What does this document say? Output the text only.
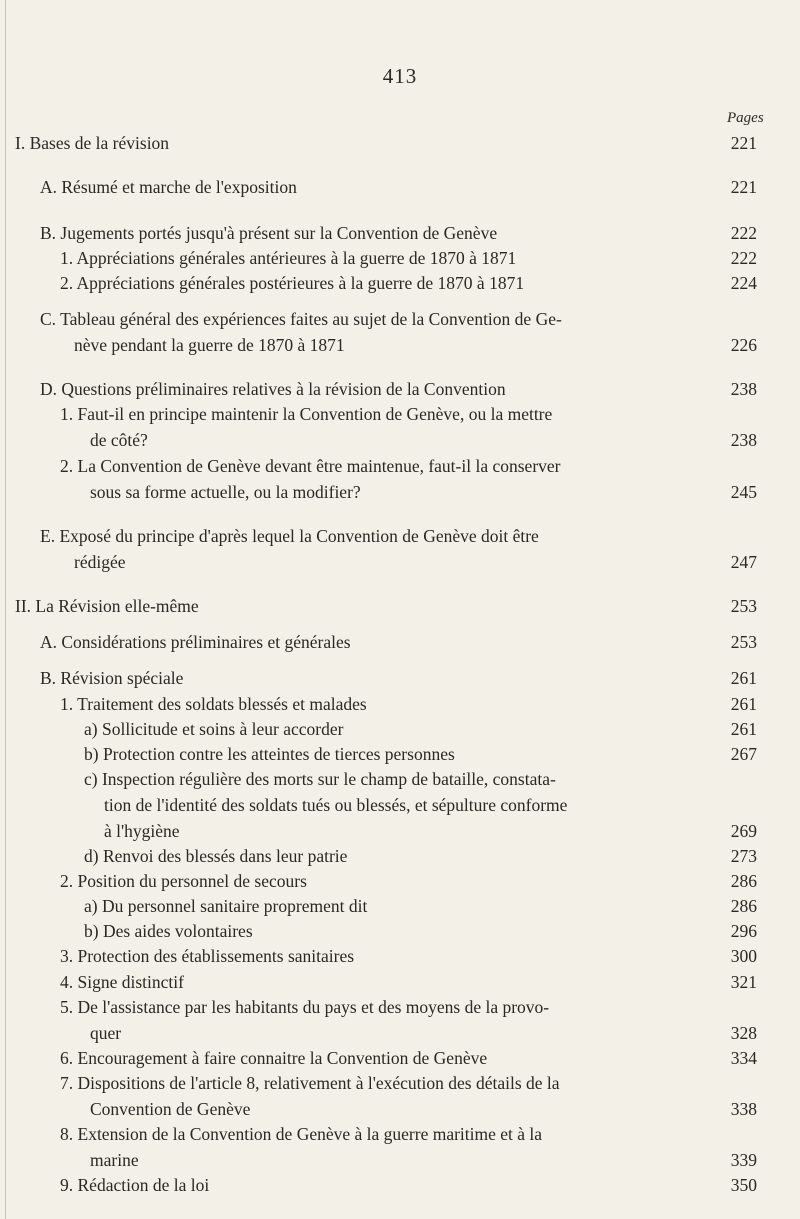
413
Pages
I. Bases de la révision	221
A. Résumé et marche de l'exposition	221
B. Jugements portés jusqu'à présent sur la Convention de Genève	222
1. Appréciations générales antérieures à la guerre de 1870 à 1871	222
2. Appréciations générales postérieures à la guerre de 1870 à 1871	224
C. Tableau général des expériences faites au sujet de la Convention de Ge-
nève pendant la guerre de 1870 à 1871	226
D. Questions préliminaires relatives à la révision de la Convention	238
1. Faut-il en principe maintenir la Convention de Genève, ou la mettre
de côté?	238
2. La Convention de Genève devant être maintenue, faut-il la conserver
sous sa forme actuelle, ou la modifier?	245
E. Exposé du principe d'après lequel la Convention de Genève doit être
rédigée	247
II. La Révision elle-même	253
A. Considérations préliminaires et générales	253
B. Révision spéciale	261
1. Traitement des soldats blessés et malades	261
a) Sollicitude et soins à leur accorder	261
b) Protection contre les atteintes de tierces personnes	267
c) Inspection régulière des morts sur le champ de bataille, constata-
tion de l'identité des soldats tués ou blessés, et sépulture conforme
à l'hygiène	269
d) Renvoi des blessés dans leur patrie	273
2. Position du personnel de secours	286
a) Du personnel sanitaire proprement dit	286
b) Des aides volontaires	296
3. Protection des établissements sanitaires	300
4. Signe distinctif	321
5. De l'assistance par les habitants du pays et des moyens de la provo-
quer	328
6. Encouragement à faire connaitre la Convention de Genève	334
7. Dispositions de l'article 8, relativement à l'exécution des détails de la
Convention de Genève	338
8. Extension de la Convention de Genève à la guerre maritime et à la
marine	339
9. Rédaction de la loi	350
